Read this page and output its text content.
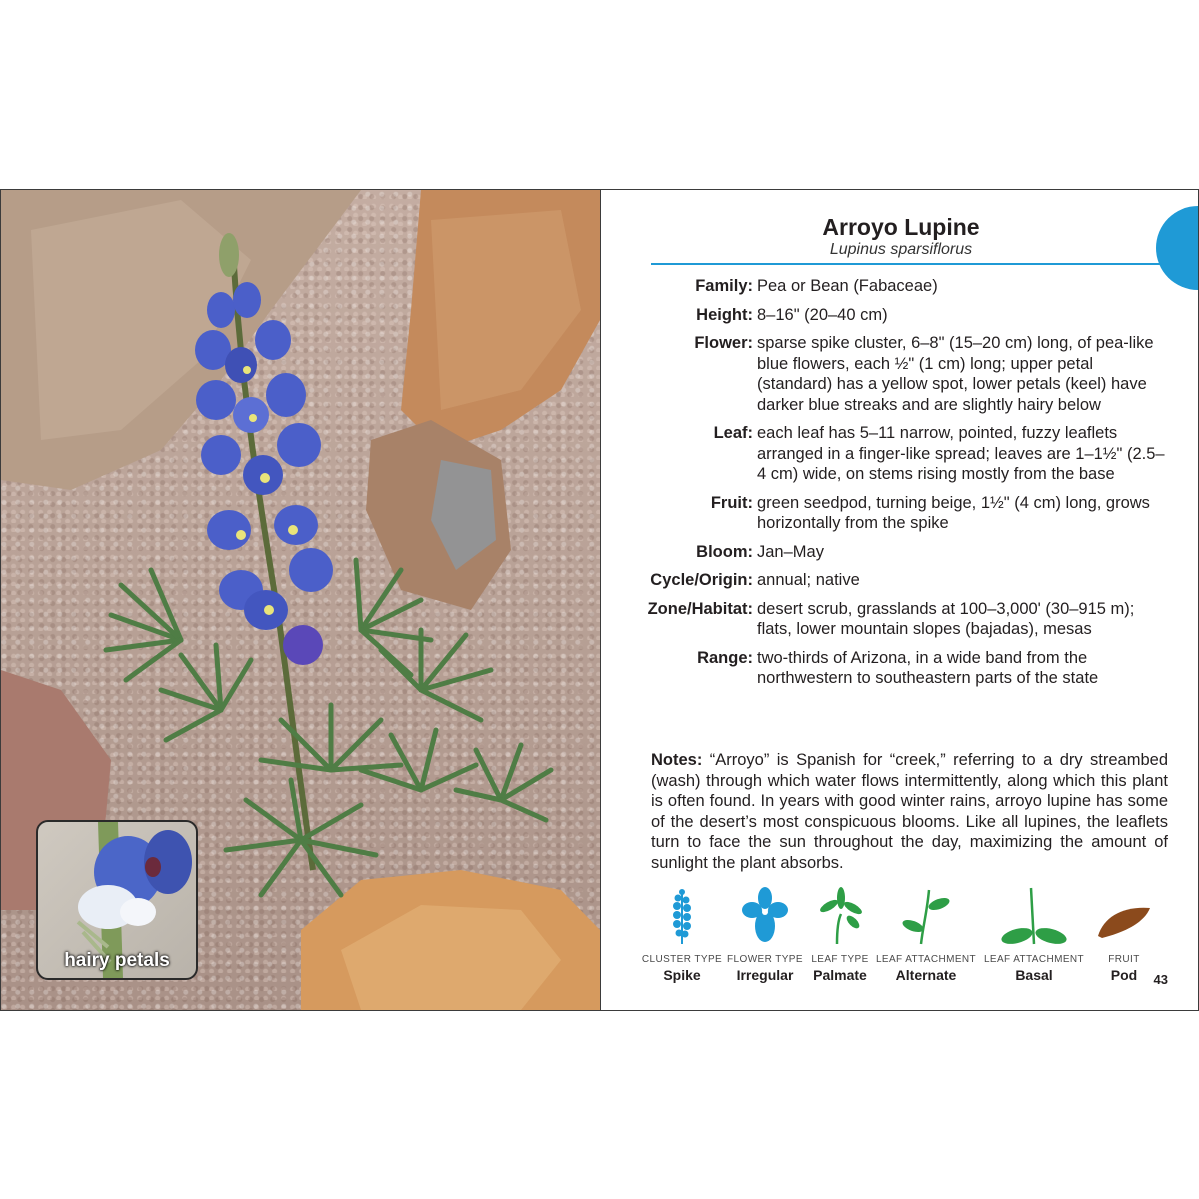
hairy petals
Arroyo Lupine
Lupinus sparsiflorus
Family: Pea or Bean (Fabaceae)
Height: 8–16" (20–40 cm)
Flower: sparse spike cluster, 6–8" (15–20 cm) long, of pea-like blue flowers, each ½" (1 cm) long; upper petal (standard) has a yellow spot, lower petals (keel) have darker blue streaks and are slightly hairy below
Leaf: each leaf has 5–11 narrow, pointed, fuzzy leaflets arranged in a finger-like spread; leaves are 1–1½" (2.5–4 cm) wide, on stems rising mostly from the base
Fruit: green seedpod, turning beige, 1½" (4 cm) long, grows horizontally from the spike
Bloom: Jan–May
Cycle/Origin: annual; native
Zone/Habitat: desert scrub, grasslands at 100–3,000' (30–915 m); flats, lower mountain slopes (bajadas), mesas
Range: two-thirds of Arizona, in a wide band from the northwestern to southeastern parts of the state
Notes: “Arroyo” is Spanish for “creek,” referring to a dry streambed (wash) through which water flows intermittently, along which this plant is often found. In years with good winter rains, arroyo lupine has some of the desert’s most conspicuous blooms. Like all lupines, the leaflets turn to face the sun throughout the day, maximizing the amount of sunlight the plant absorbs.
CLUSTER TYPE
Spike
FLOWER TYPE
Irregular
LEAF TYPE
Palmate
LEAF ATTACHMENT
Alternate
LEAF ATTACHMENT
Basal
FRUIT
Pod	43
